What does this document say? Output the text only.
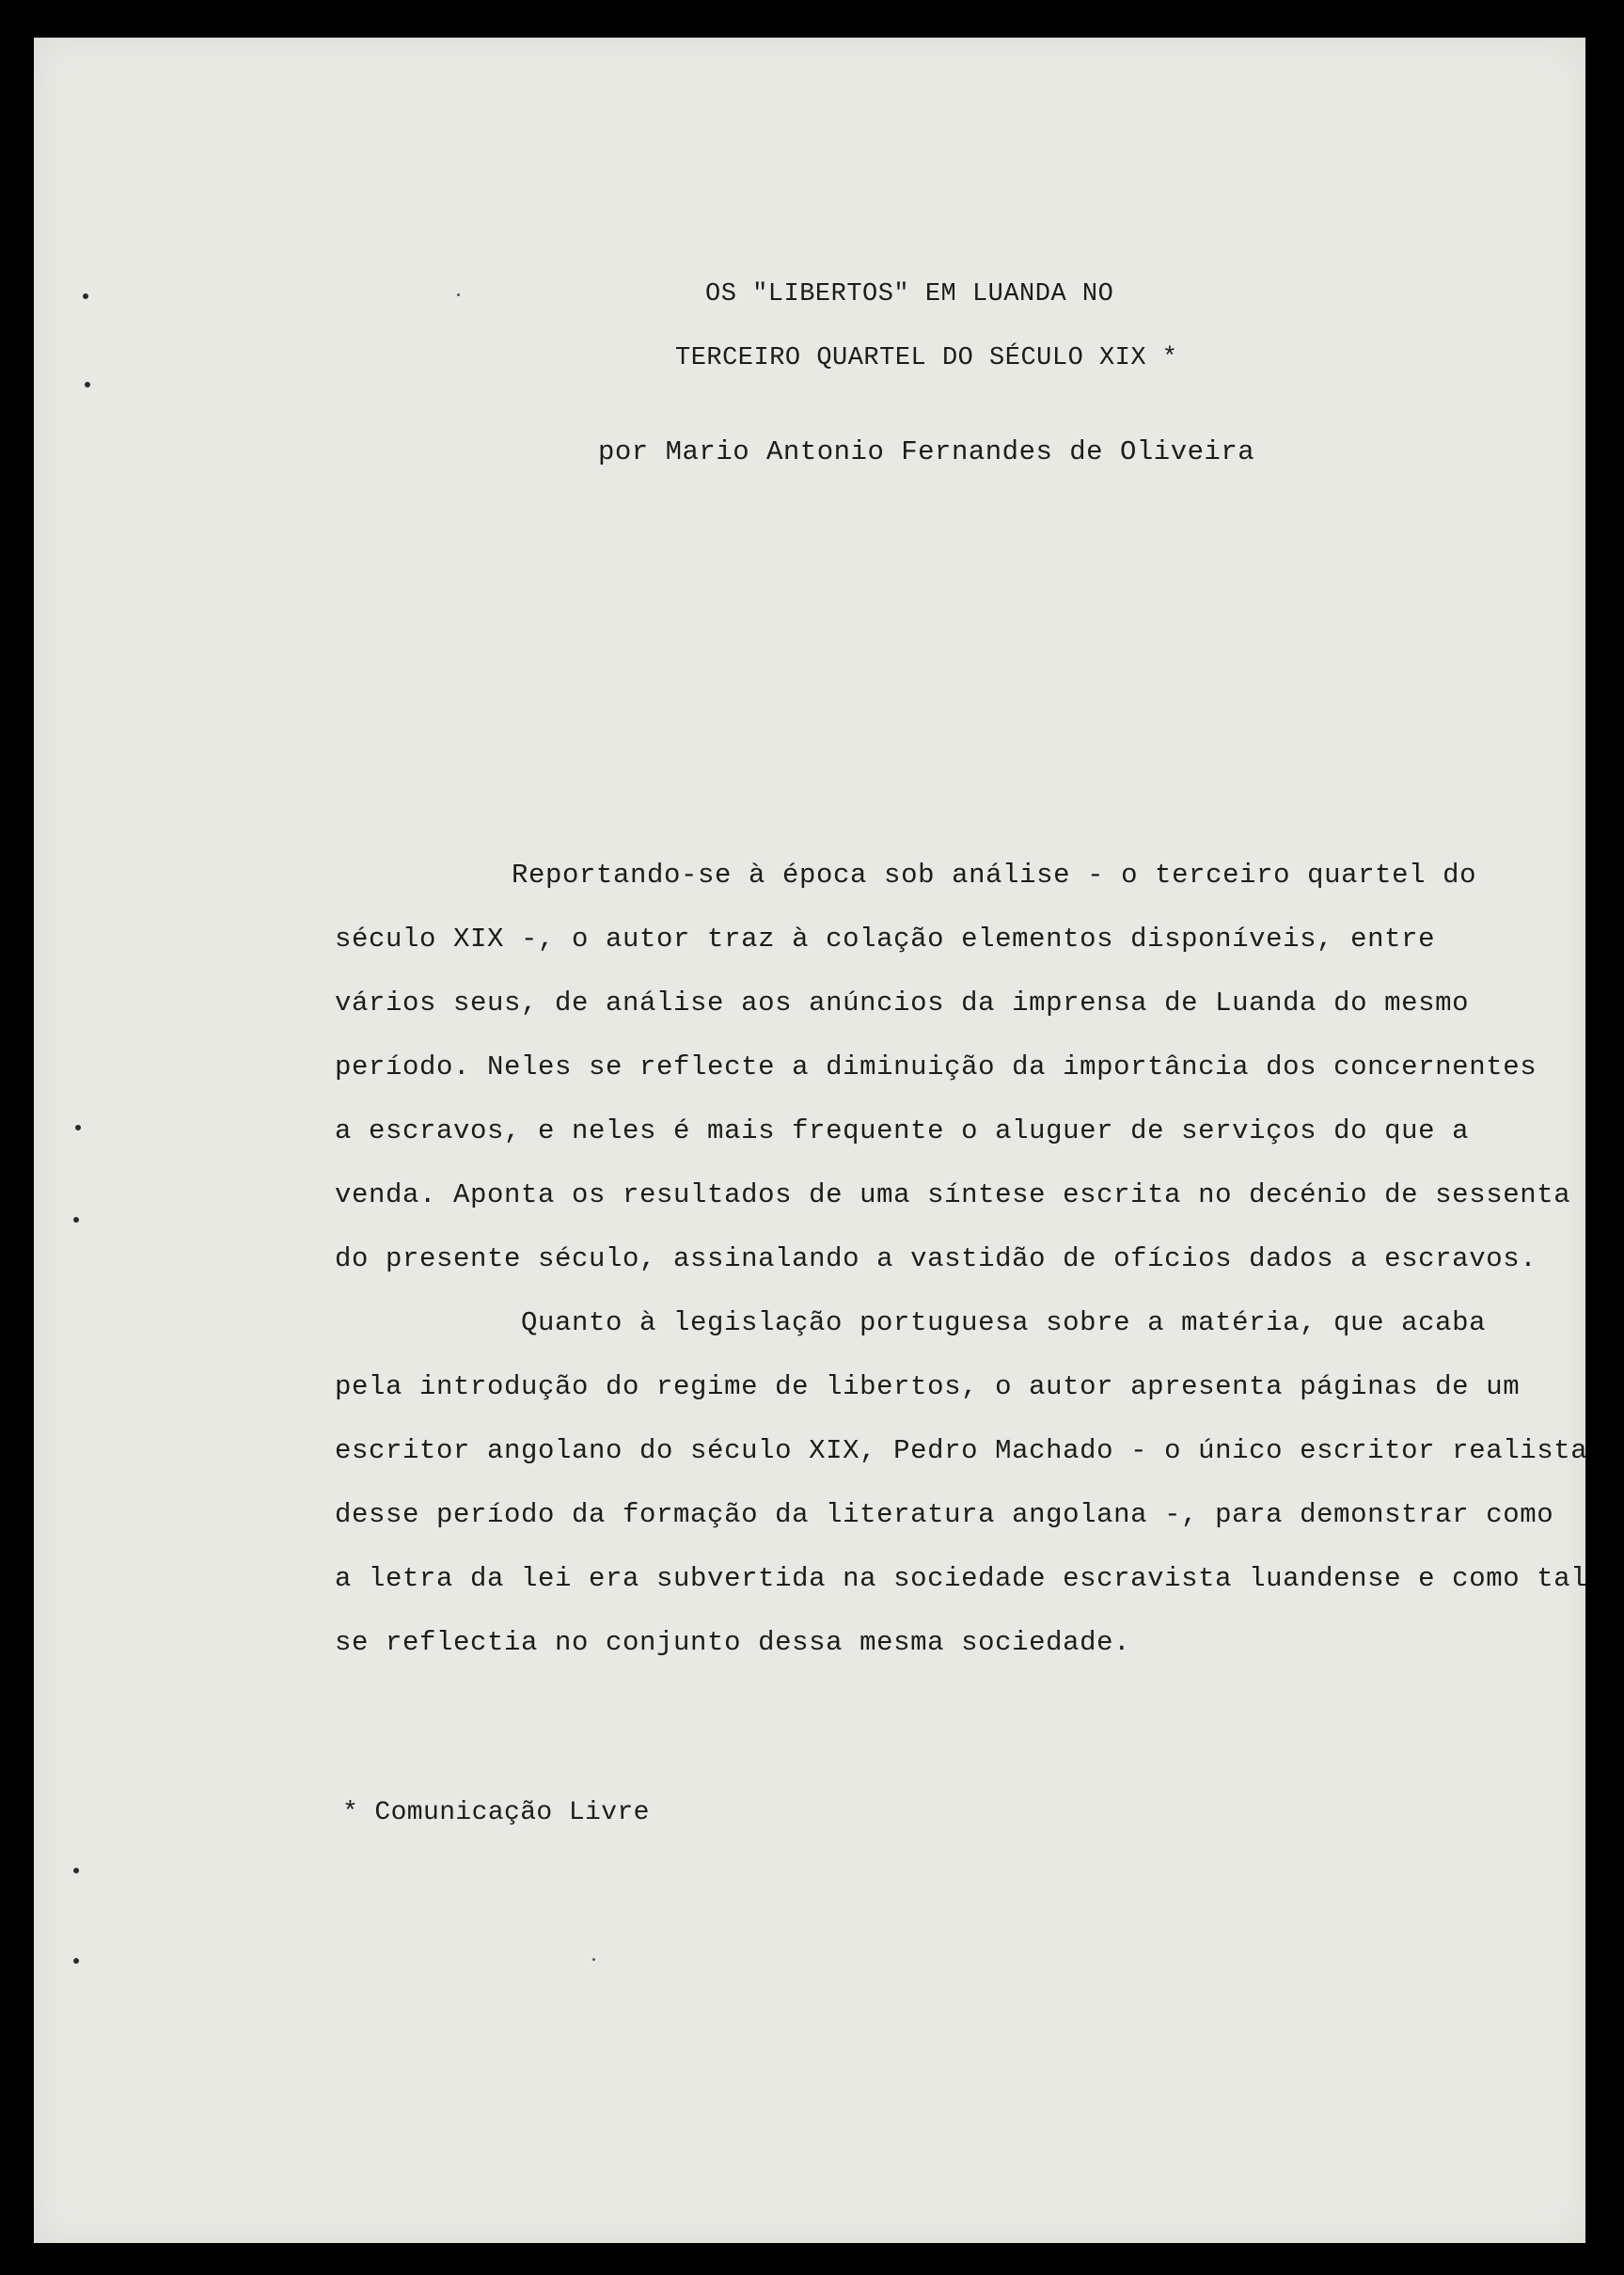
OS "LIBERTOS" EM LUANDA NO
TERCEIRO QUARTEL DO SÉCULO XIX *
por Mario Antonio Fernandes de Oliveira
Reportando-se à época sob análise - o terceiro quartel do
século XIX -, o autor traz à colação elementos disponíveis, entre
vários seus, de análise aos anúncios da imprensa de Luanda do mesmo
período. Neles se reflecte a diminuição da importância dos concernentes
a escravos, e neles é mais frequente o aluguer de serviços do que a
venda. Aponta os resultados de uma síntese escrita no decénio de sessenta
do presente século, assinalando a vastidão de ofícios dados a escravos.
Quanto à legislação portuguesa sobre a matéria, que acaba
pela introdução do regime de libertos, o autor apresenta páginas de um
escritor angolano do século XIX, Pedro Machado - o único escritor realista
desse período da formação da literatura angolana -, para demonstrar como
a letra da lei era subvertida na sociedade escravista luandense e como tal
se reflectia no conjunto dessa mesma sociedade.
* Comunicação Livre
